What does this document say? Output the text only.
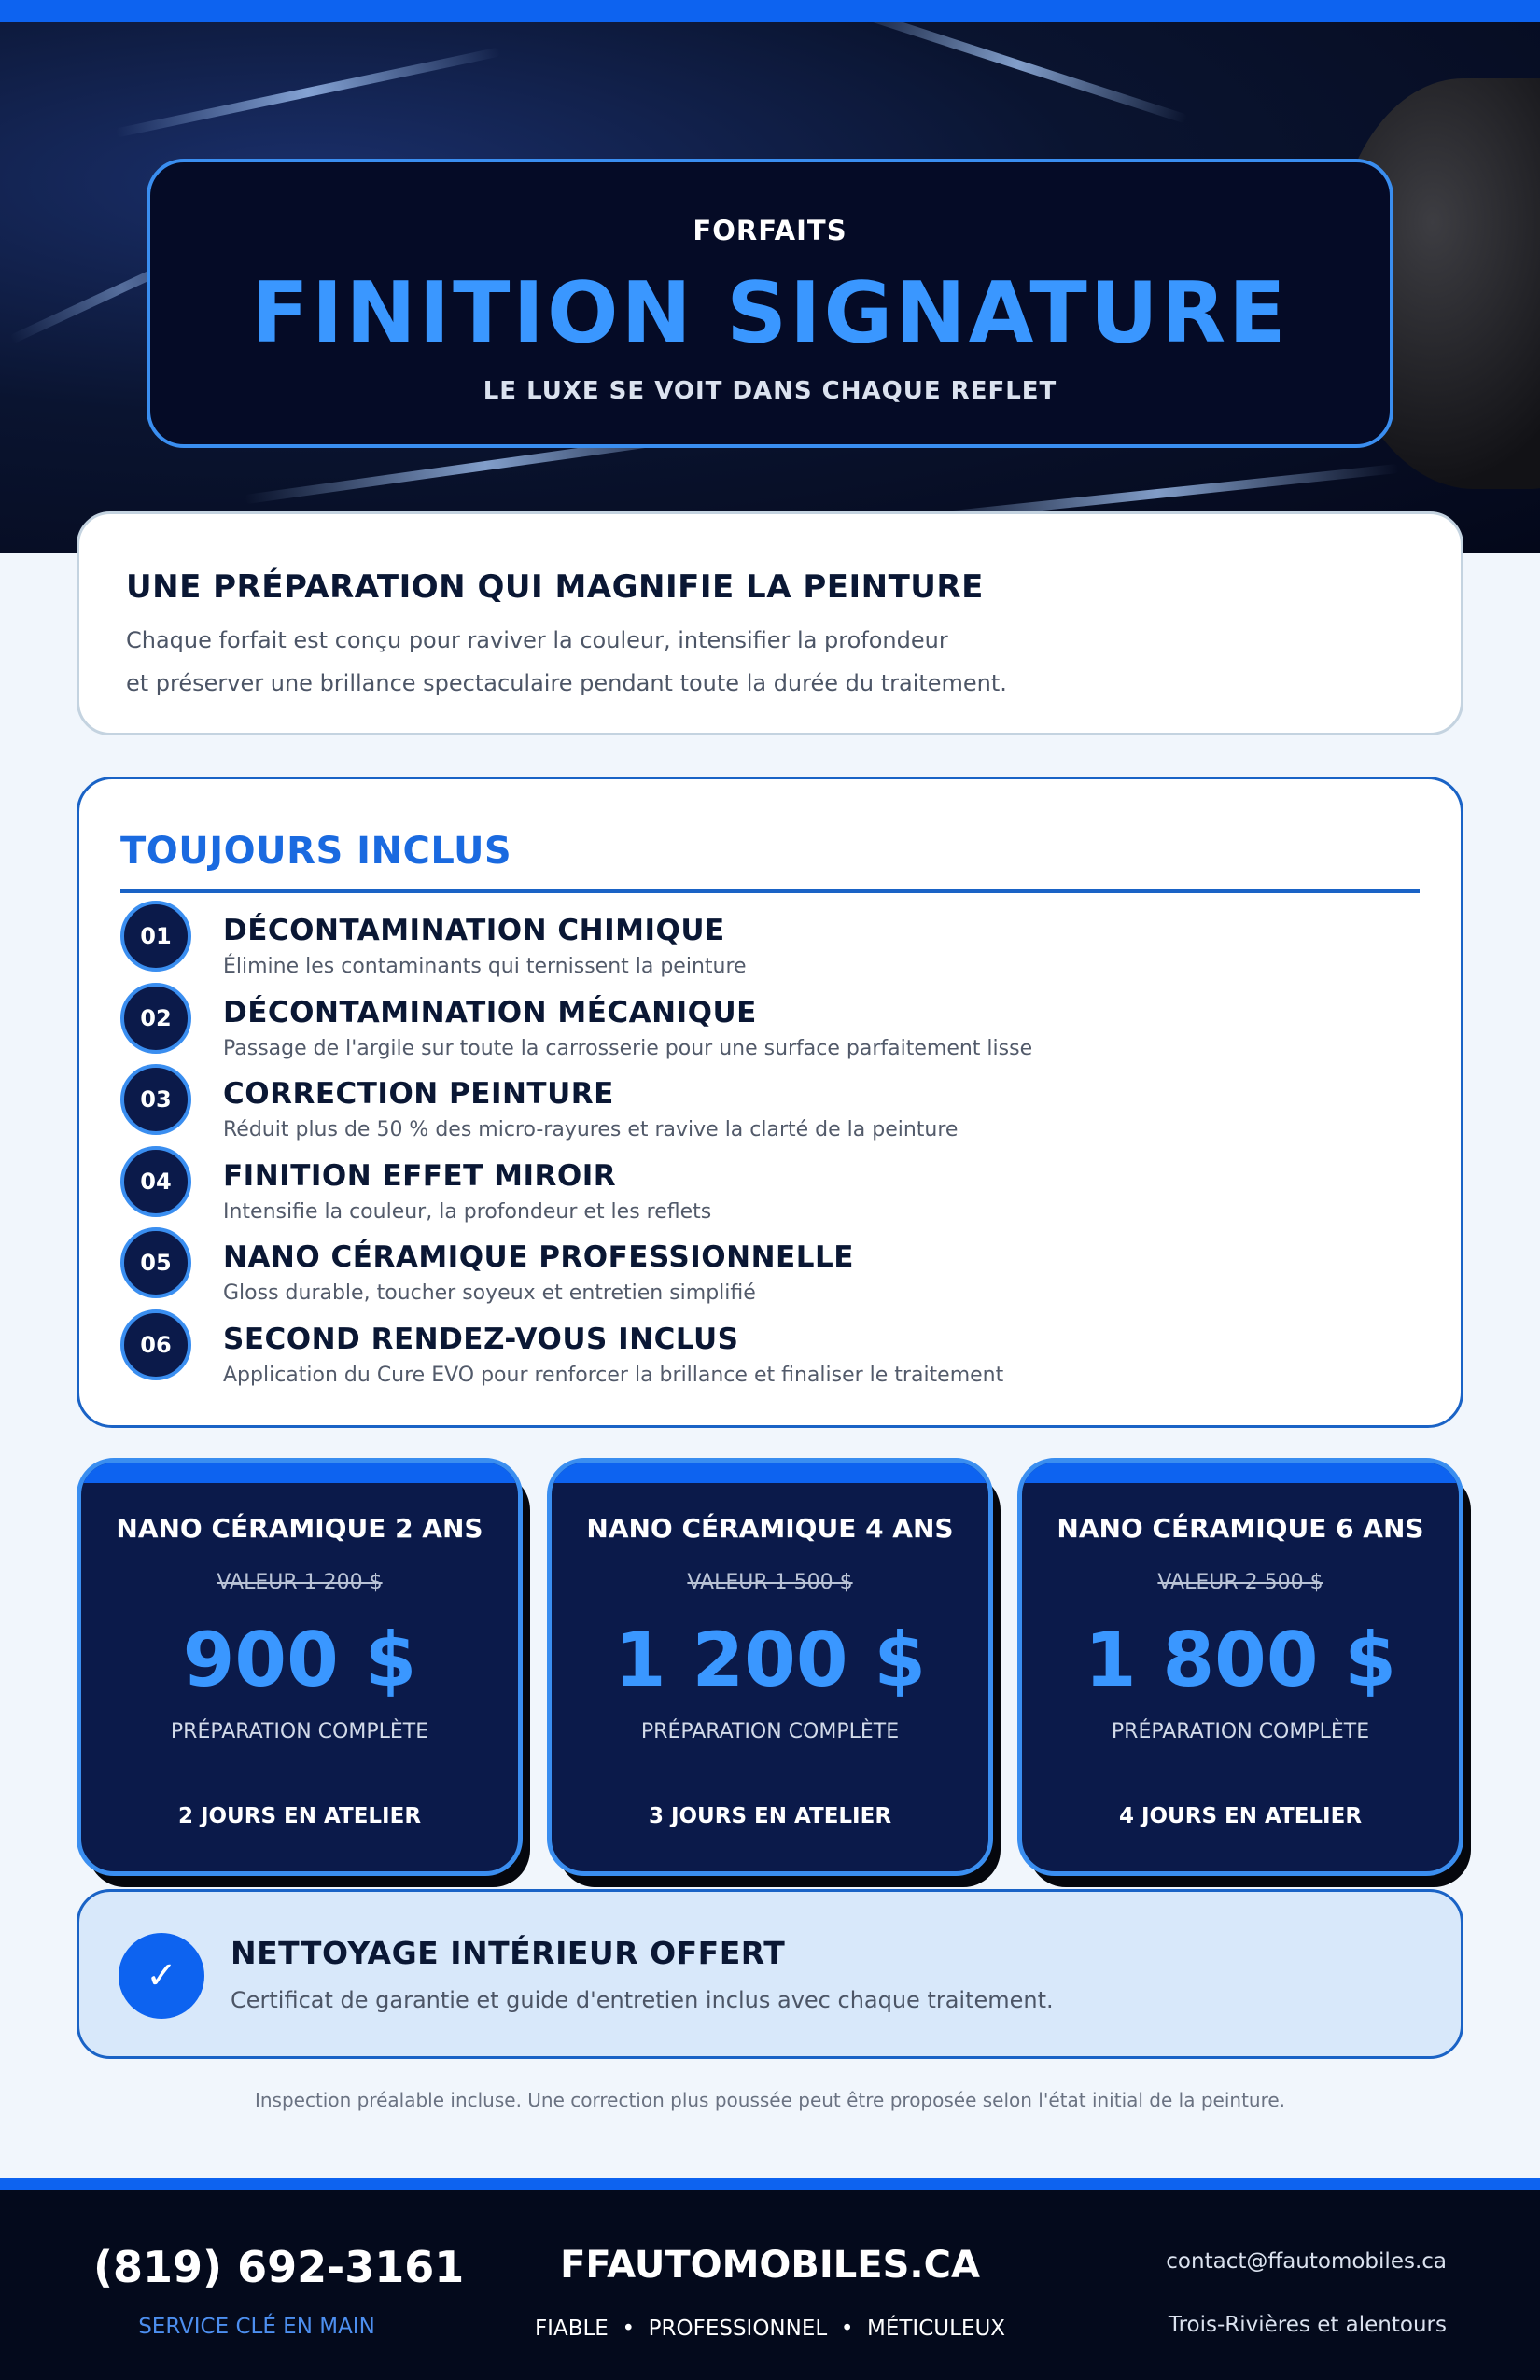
FORFAITS
FINITION SIGNATURE
LE LUXE SE VOIT DANS CHAQUE REFLET
UNE PRÉPARATION QUI MAGNIFIE LA PEINTURE

Chaque forfait est conçu pour raviver la couleur, intensifier la profondeur
et préserver une brillance spectaculaire pendant toute la durée du traitement.

TOUJOURS INCLUS
01	DÉCONTAMINATION CHIMIQUE
Élimine les contaminants qui ternissent la peinture
02	DÉCONTAMINATION MÉCANIQUE
Passage de l'argile sur toute la carrosserie pour une surface parfaitement lisse
03	CORRECTION PEINTURE
Réduit plus de 50 % des micro-rayures et ravive la clarté de la peinture
04	FINITION EFFET MIROIR
Intensifie la couleur, la profondeur et les reflets
05	NANO CÉRAMIQUE PROFESSIONNELLE
Gloss durable, toucher soyeux et entretien simplifié
06	SECOND RENDEZ-VOUS INCLUS
Application du Cure EVO pour renforcer la brillance et finaliser le traitement
NANO CÉRAMIQUE 2 ANS
VALEUR 1 200 $
900 $
PRÉPARATION COMPLÈTE
2 JOURS EN ATELIER
NANO CÉRAMIQUE 4 ANS
VALEUR 1 500 $
1 200 $
PRÉPARATION COMPLÈTE
3 JOURS EN ATELIER
NANO CÉRAMIQUE 6 ANS
VALEUR 2 500 $
1 800 $
PRÉPARATION COMPLÈTE
4 JOURS EN ATELIER
✓
NETTOYAGE INTÉRIEUR OFFERT

Certificat de garantie et guide d'entretien inclus avec chaque traitement.

Inspection préalable incluse. Une correction plus poussée peut être proposée selon l'état initial de la peinture.
(819) 692-3161
SERVICE CLÉ EN MAIN
FFAUTOMOBILES.CA
FIABLE  •  PROFESSIONNEL  •  MÉTICULEUX
contact@ffautomobiles.ca
Trois-Rivières et alentours
